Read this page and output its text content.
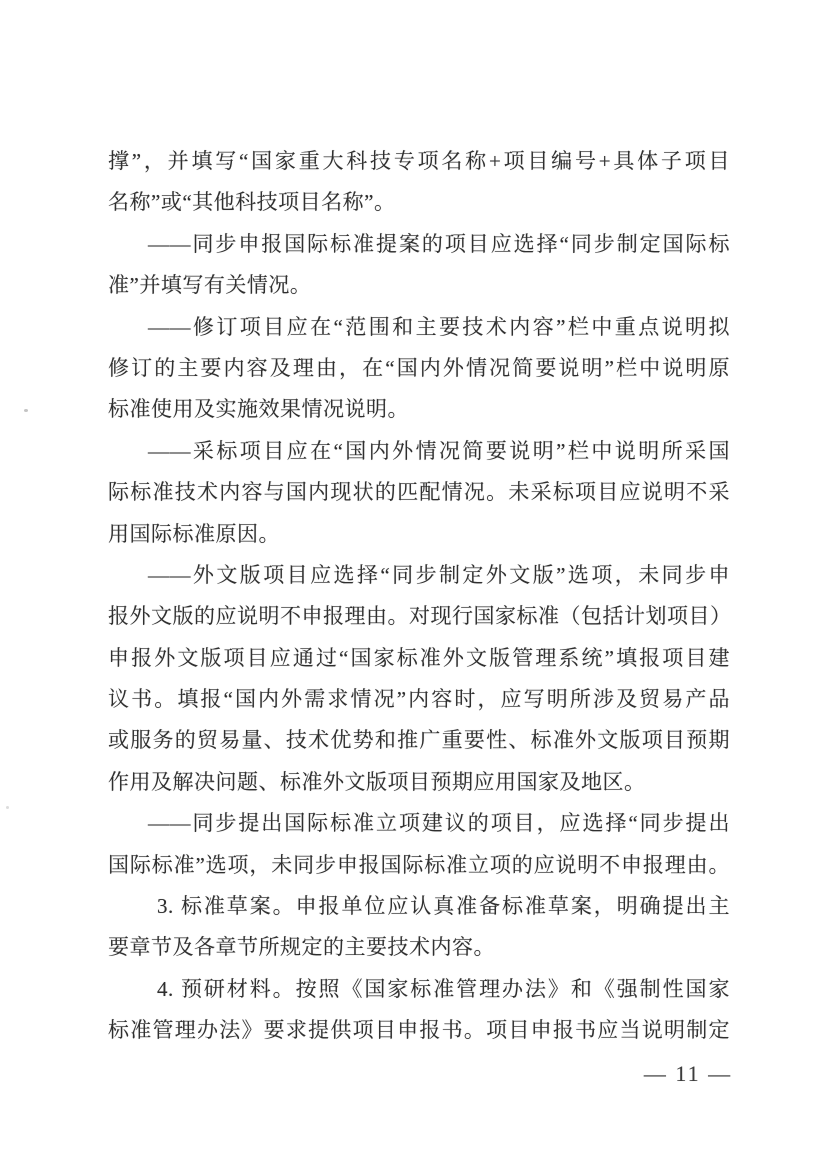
撑”，并填写“国家重大科技专项名称+项目编号+具体子项目
名称”或“其他科技项目名称”。
——同步申报国际标准提案的项目应选择“同步制定国际标
准”并填写有关情况。
——修订项目应在“范围和主要技术内容”栏中重点说明拟
修订的主要内容及理由，在“国内外情况简要说明”栏中说明原
标准使用及实施效果情况说明。
——采标项目应在“国内外情况简要说明”栏中说明所采国
际标准技术内容与国内现状的匹配情况。未采标项目应说明不采
用国际标准原因。
——外文版项目应选择“同步制定外文版”选项，未同步申
报外文版的应说明不申报理由。对现行国家标准（包括计划项目）
申报外文版项目应通过“国家标准外文版管理系统”填报项目建
议书。填报“国内外需求情况”内容时，应写明所涉及贸易产品
或服务的贸易量、技术优势和推广重要性、标准外文版项目预期
作用及解决问题、标准外文版项目预期应用国家及地区。
——同步提出国际标准立项建议的项目，应选择“同步提出
国际标准”选项，未同步申报国际标准立项的应说明不申报理由。
3. 标准草案。申报单位应认真准备标准草案，明确提出主
要章节及各章节所规定的主要技术内容。
4. 预研材料。按照《国家标准管理办法》和《强制性国家
标准管理办法》要求提供项目申报书。项目申报书应当说明制定
— 11 —
